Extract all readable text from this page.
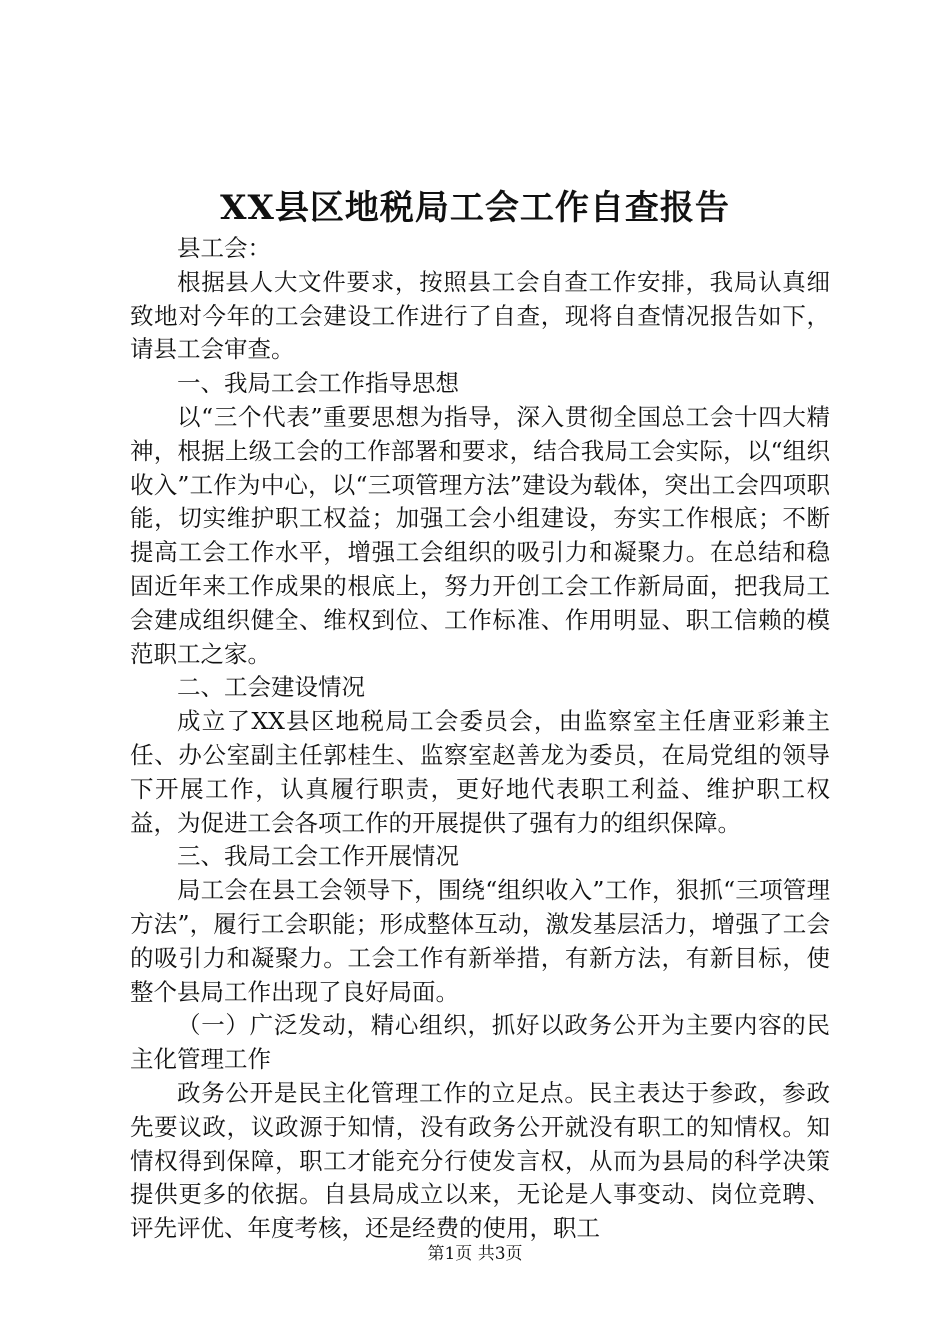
XX县区地税局工会工作自查报告

县工会：

根据县人大文件要求，按照县工会自查工作安排，我局认真细致地对今年的工会建设工作进行了自查，现将自查情况报告如下，请县工会审查。

一、我局工会工作指导思想

以“三个代表”重要思想为指导，深入贯彻全国总工会十四大精神，根据上级工会的工作部署和要求，结合我局工会实际，以“组织收入”工作为中心，以“三项管理方法”建设为载体，突出工会四项职能，切实维护职工权益；加强工会小组建设，夯实工作根底；不断提高工会工作水平，增强工会组织的吸引力和凝聚力。在总结和稳固近年来工作成果的根底上，努力开创工会工作新局面，把我局工会建成组织健全、维权到位、工作标准、作用明显、职工信赖的模范职工之家。

二、工会建设情况

成立了XX县区地税局工会委员会，由监察室主任唐亚彩兼主任、办公室副主任郭桂生、监察室赵善龙为委员，在局党组的领导下开展工作，认真履行职责，更好地代表职工利益、维护职工权益，为促进工会各项工作的开展提供了强有力的组织保障。

三、我局工会工作开展情况

局工会在县工会领导下，围绕“组织收入”工作，狠抓“三项管理方法”，履行工会职能；形成整体互动，激发基层活力，增强了工会的吸引力和凝聚力。工会工作有新举措，有新方法，有新目标，使整个县局工作出现了良好局面。

（一）广泛发动，精心组织，抓好以政务公开为主要内容的民主化管理工作

政务公开是民主化管理工作的立足点。民主表达于参政，参政先要议政，议政源于知情，没有政务公开就没有职工的知情权。知情权得到保障，职工才能充分行使发言权，从而为县局的科学决策提供更多的依据。自县局成立以来，无论是人事变动、岗位竞聘、评先评优、年度考核，还是经费的使用，职工

第1页 共3页
